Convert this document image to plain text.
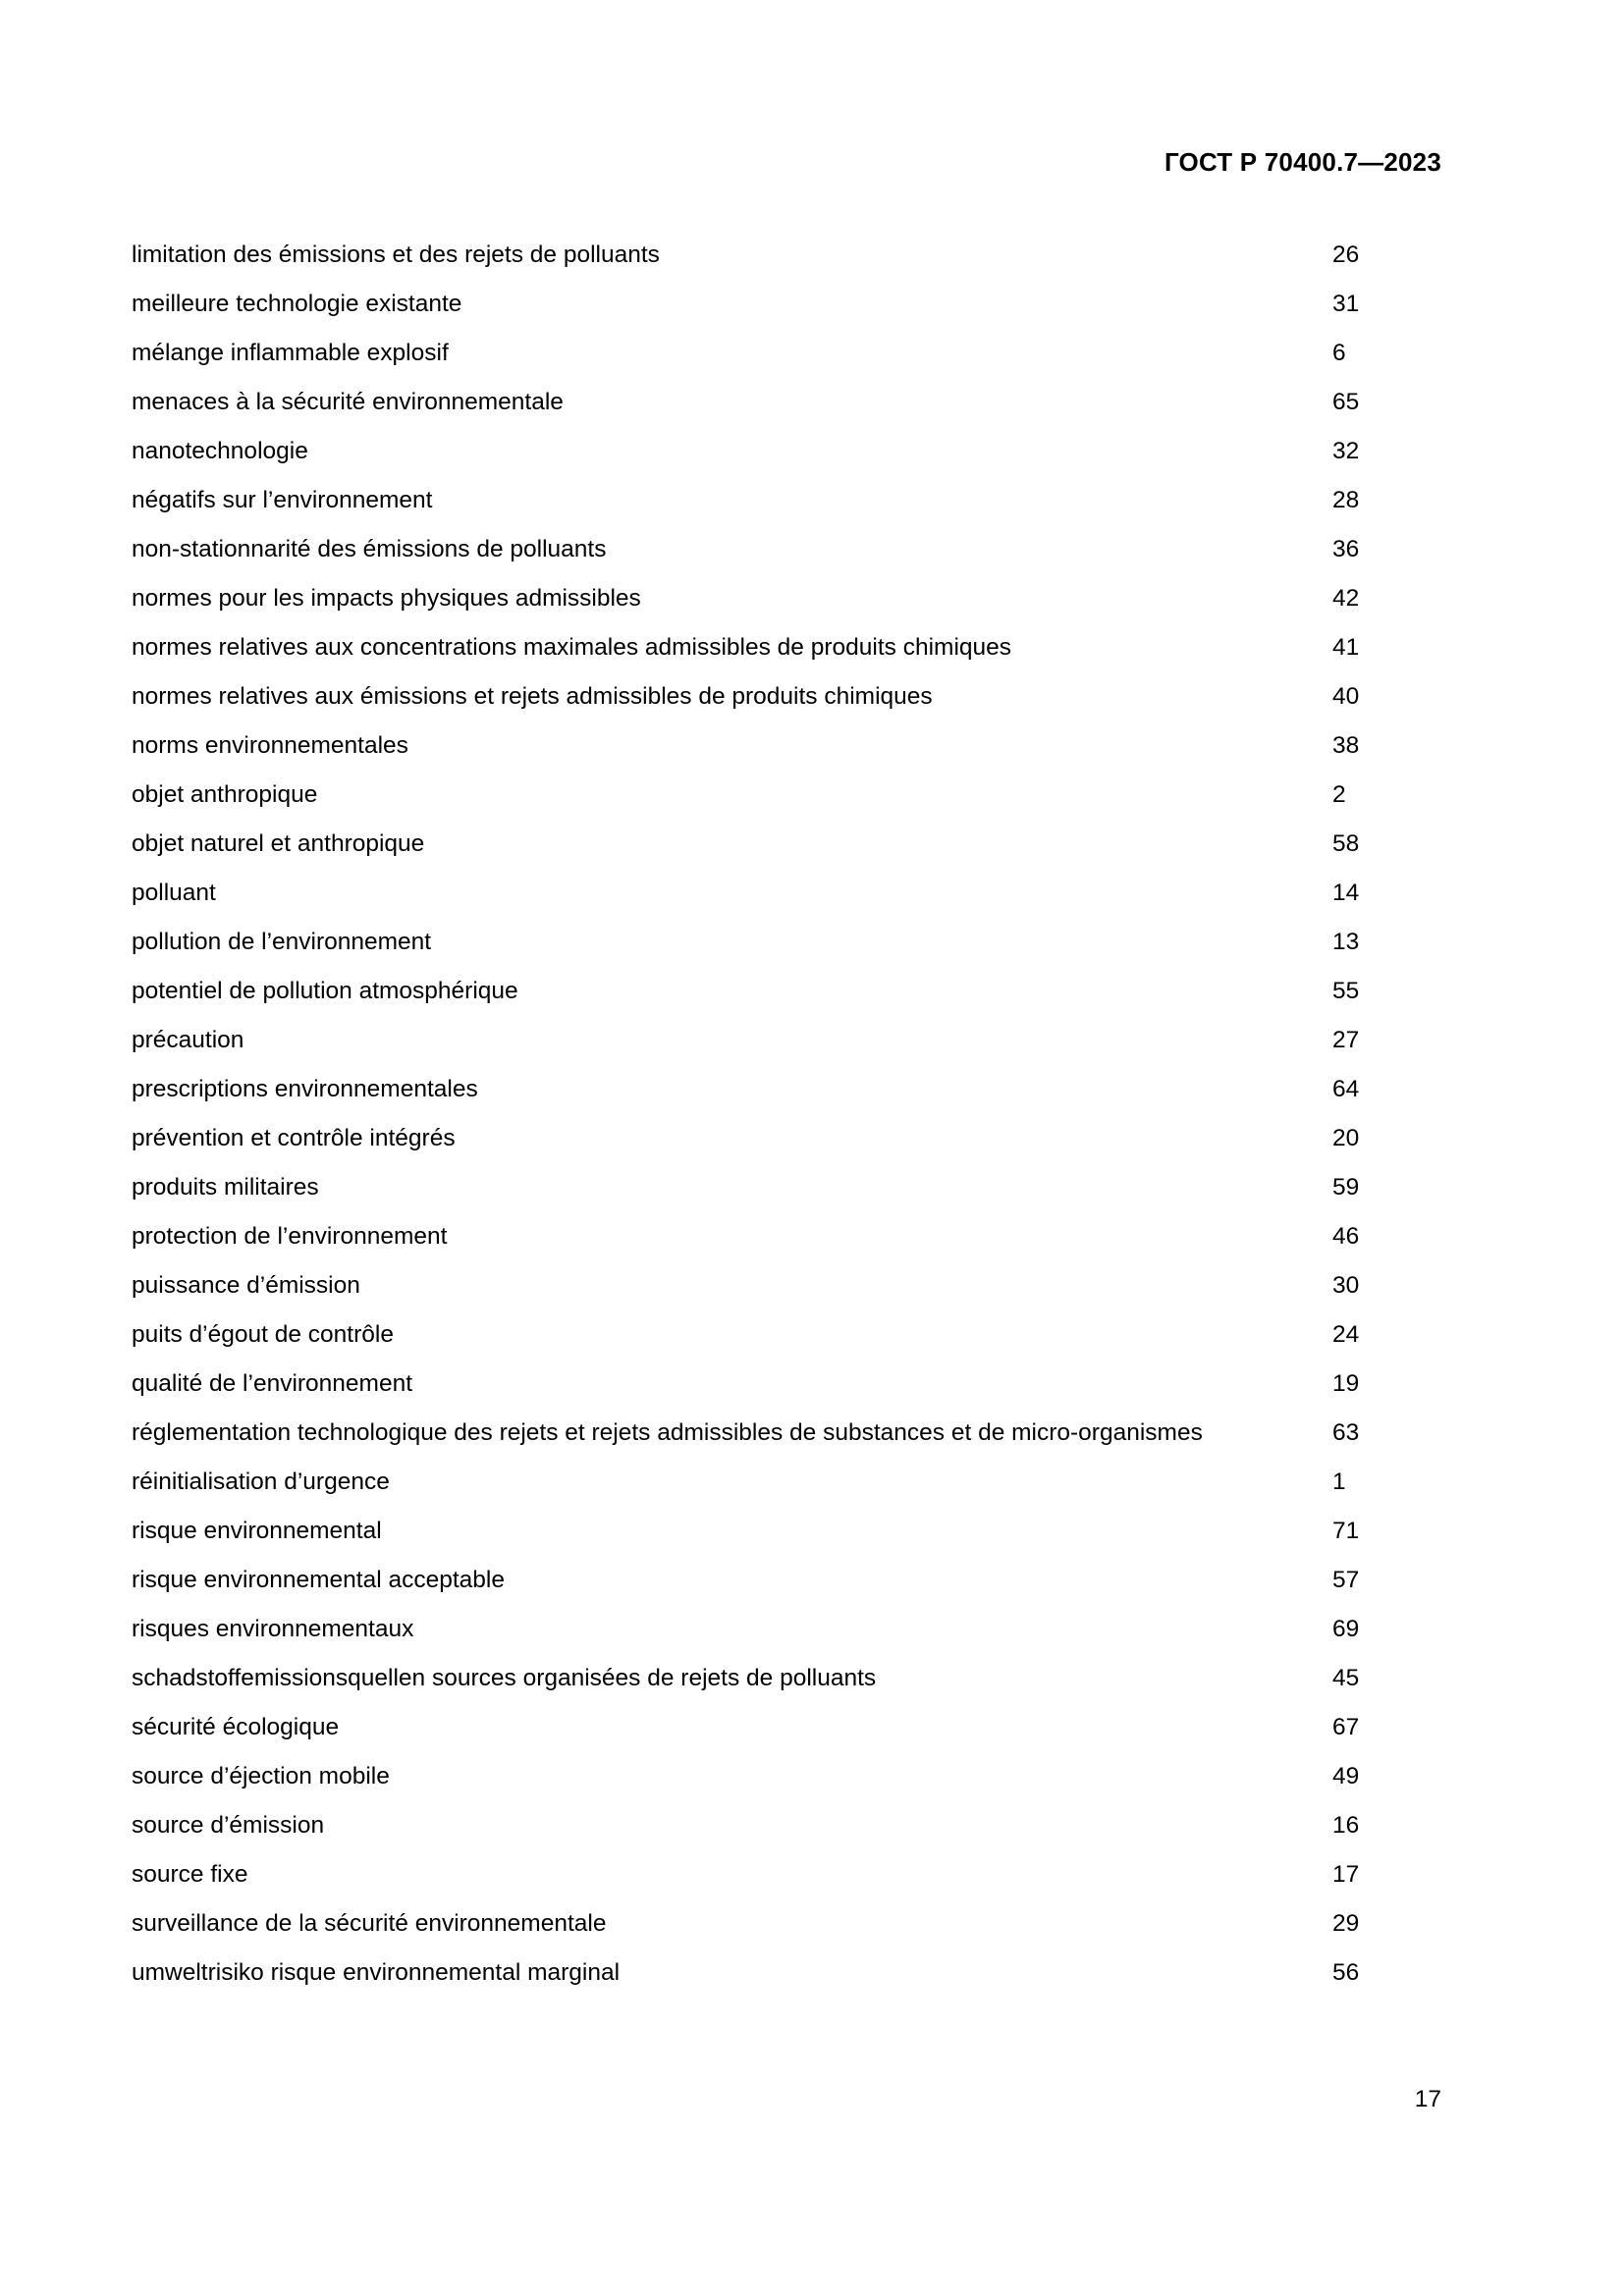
ГОСТ Р 70400.7—2023
limitation des émissions et des rejets de polluants	26
meilleure technologie existante	31
mélange inflammable explosif	6
menaces à la sécurité environnementale	65
nanotechnologie	32
négatifs sur l’environnement	28
non-stationnarité des émissions de polluants	36
normes pour les impacts physiques admissibles	42
normes relatives aux concentrations maximales admissibles de produits chimiques	41
normes relatives aux émissions et rejets admissibles de produits chimiques	40
norms environnementales	38
objet anthropique	2
objet naturel et anthropique	58
polluant	14
pollution de l’environnement	13
potentiel de pollution atmosphérique	55
précaution	27
prescriptions environnementales	64
prévention et contrôle intégrés	20
produits militaires	59
protection de l’environnement	46
puissance d’émission	30
puits d’égout de contrôle	24
qualité de l’environnement	19
réglementation technologique des rejets et rejets admissibles de substances et de micro-organismes	63
réinitialisation d’urgence	1
risque environnemental	71
risque environnemental acceptable	57
risques environnementaux	69
schadstoffemissionsquellen sources organisées de rejets de polluants	45
sécurité écologique	67
source d’éjection mobile	49
source d’émission	16
source fixe	17
surveillance de la sécurité environnementale	29
umweltrisiko risque environnemental marginal	56
17
